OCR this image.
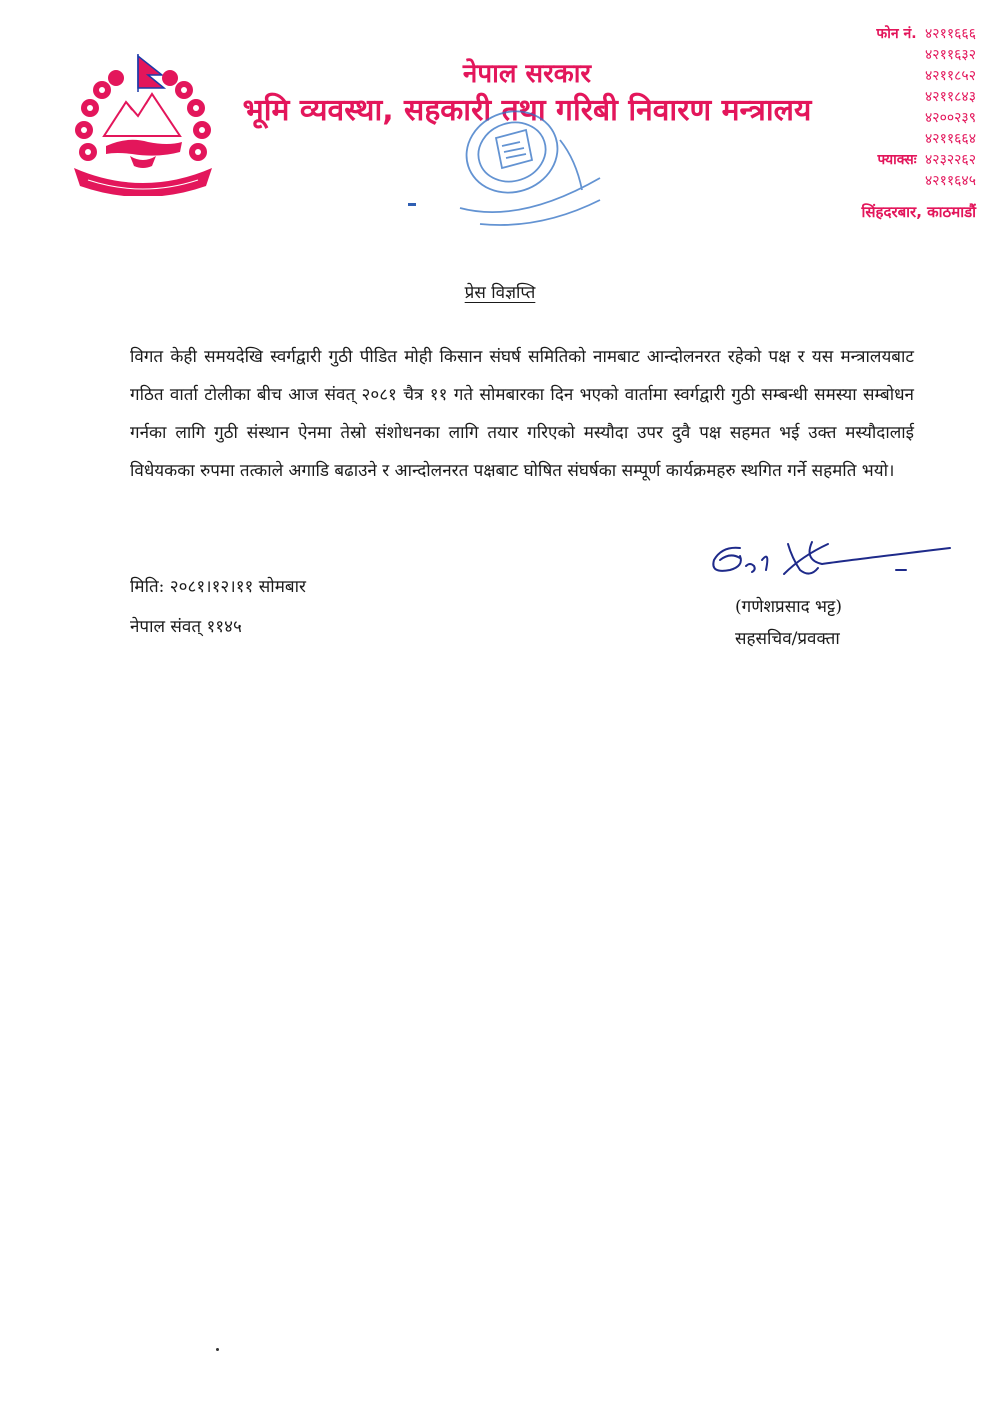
नेपाल सरकार
भूमि व्यवस्था, सहकारी तथा गरिबी निवारण मन्त्रालय
फोन नं. ४२११६६६
४२११६३२
४२११८५२
४२११८४३
४२००२३९
४२११६६४
फ्याक्सः ४२३२२६२
४२११६४५
सिंहदरबार, काठमाडौं
प्रेस विज्ञप्ति

विगत केही समयदेखि स्वर्गद्वारी गुठी पीडित मोही किसान संघर्ष समितिको नामबाट आन्दोलनरत रहेको पक्ष र यस मन्त्रालयबाट गठित वार्ता टोलीका बीच आज संवत् २०८१ चैत्र ११ गते सोमबारका दिन भएको वार्तामा स्वर्गद्वारी गुठी सम्बन्धी समस्या सम्बोधन गर्नका लागि गुठी संस्थान ऐनमा तेस्रो संशोधनका लागि तयार गरिएको मस्यौदा उपर दुवै पक्ष सहमत भई उक्त मस्यौदालाई विधेयकका रुपमा तत्काले अगाडि बढाउने र आन्दोलनरत पक्षबाट घोषित संघर्षका सम्पूर्ण कार्यक्रमहरु स्थगित गर्ने सहमति भयो।

मिति: २०८१।१२।११ सोमबार
नेपाल संवत् ११४५
(गणेशप्रसाद भट्ट)
सहसचिव/प्रवक्ता
